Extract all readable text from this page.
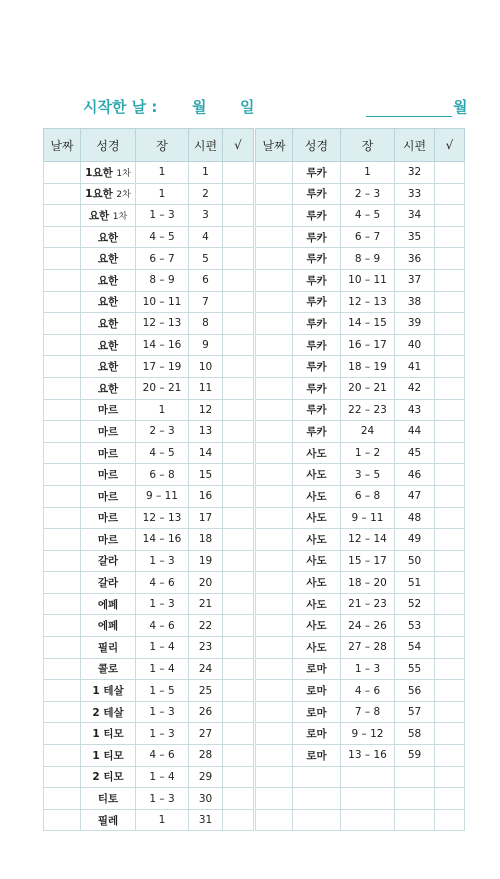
시작한 날 : 월 일	월
날짜	성경	장	시편	√
	1요한 1차	1	1	
	1요한 2차	1	2	
	요한 1차	1 – 3	3	
	요한	4 – 5	4	
	요한	6 – 7	5	
	요한	8 – 9	6	
	요한	10 – 11	7	
	요한	12 – 13	8	
	요한	14 – 16	9	
	요한	17 – 19	10	
	요한	20 – 21	11	
	마르	1	12	
	마르	2 – 3	13	
	마르	4 – 5	14	
	마르	6 – 8	15	
	마르	9 – 11	16	
	마르	12 – 13	17	
	마르	14 – 16	18	
	갈라	1 – 3	19	
	갈라	4 – 6	20	
	에페	1 – 3	21	
	에페	4 – 6	22	
	필리	1 – 4	23	
	콜로	1 – 4	24	
	1 테살	1 – 5	25	
	2 테살	1 – 3	26	
	1 티모	1 – 3	27	
	1 티모	4 – 6	28	
	2 티모	1 – 4	29	
	티토	1 – 3	30	
	필레	1	31	
날짜	성경	장	시편	√
	루카	1	32	
	루카	2 – 3	33	
	루카	4 – 5	34	
	루카	6 – 7	35	
	루카	8 – 9	36	
	루카	10 – 11	37	
	루카	12 – 13	38	
	루카	14 – 15	39	
	루카	16 – 17	40	
	루카	18 – 19	41	
	루카	20 – 21	42	
	루카	22 – 23	43	
	루카	24	44	
	사도	1 – 2	45	
	사도	3 – 5	46	
	사도	6 – 8	47	
	사도	9 – 11	48	
	사도	12 – 14	49	
	사도	15 – 17	50	
	사도	18 – 20	51	
	사도	21 – 23	52	
	사도	24 – 26	53	
	사도	27 – 28	54	
	로마	1 – 3	55	
	로마	4 – 6	56	
	로마	7 – 8	57	
	로마	9 – 12	58	
	로마	13 – 16	59	
